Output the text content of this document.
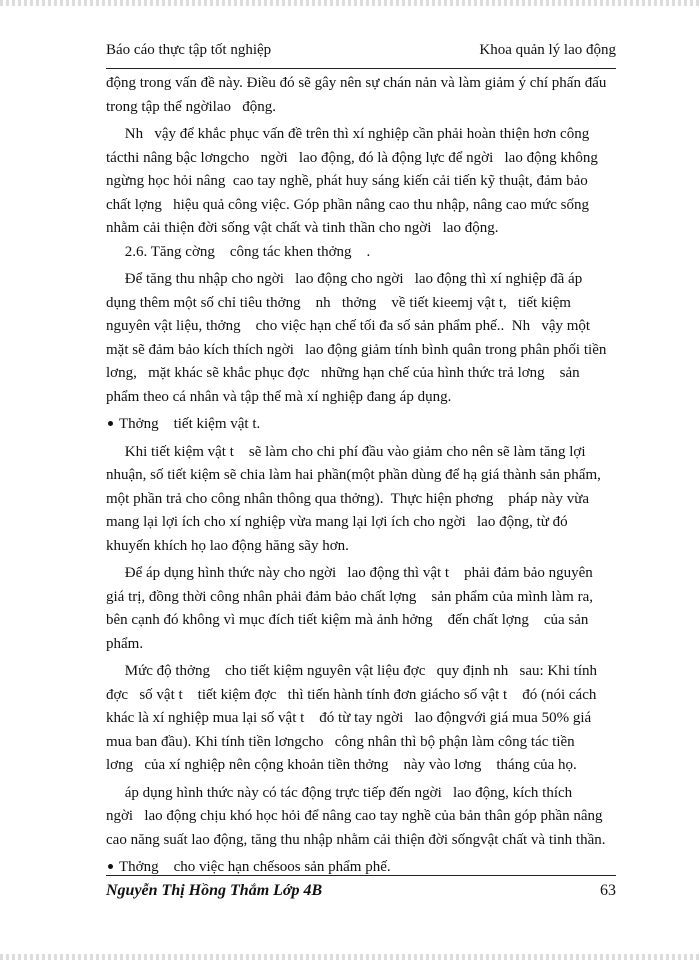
Báo cáo thực tập tốt nghiệp	Khoa quản lý lao động
động trong vấn đề này. Điều đó sẽ gây nên sự chán nản và làm giảm ý chí phấn đấu
trong tập thể ngờilao   động.
Nh   vậy để khắc phục vấn đề trên thì xí nghiệp cần phải hoàn thiện hơn công
tácthi nâng bậc lơngcho   ngời   lao động, đó là động lực để ngời   lao động không
ngừng học hỏi nâng  cao tay nghề, phát huy sáng kiến cải tiến kỹ thuật, đảm bảo
chất lợng   hiệu quả công việc. Góp phần nâng cao thu nhập, nâng cao mức sống
nhằm cải thiện đời sống vật chất và tinh thần cho ngời   lao động.
2.6. Tăng cờng    công tác khen thởng    .
Để tăng thu nhập cho ngời   lao động cho ngời   lao động thì xí nghiệp đã áp
dụng thêm một số chỉ tiêu thởng    nh   thởng    về tiết kieemj vật t,   tiết kiệm
nguyên vật liệu, thởng    cho việc hạn chế tối đa số sản phẩm phế..  Nh   vậy một
mặt sẽ đảm bảo kích thích ngời   lao động giảm tính bình quân trong phân phối tiền
lơng,   mặt khác sẽ khắc phục đợc   những hạn chế của hình thức trả lơng    sản
phẩm theo cá nhân và tập thể mà xí nghiệp đang áp dụng.
Thởng    tiết kiệm vật t.
Khi tiết kiệm vật t    sẽ làm cho chi phí đầu vào giảm cho nên sẽ làm tăng lợi
nhuận, số tiết kiệm sẽ chia làm hai phần(một phần dùng để hạ giá thành sản phẩm,
một phần trả cho công nhân thông qua thởng).  Thực hiện phơng    pháp này vừa
mang lại lợi ích cho xí nghiệp vừa mang lại lợi ích cho ngời   lao động, từ đó
khuyến khích họ lao động hăng sãy hơn.
Để áp dụng hình thức này cho ngời   lao động thì vật t    phải đảm bảo nguyên
giá trị, đồng thời công nhân phải đảm bảo chất lợng    sản phẩm của mình làm ra,
bên cạnh đó không vì mục đích tiết kiệm mà ảnh hởng    đến chất lợng    của sản
phẩm.
Mức độ thởng    cho tiết kiệm nguyên vật liệu đợc   quy định nh   sau: Khi tính
đợc   số vật t    tiết kiệm đợc   thì tiến hành tính đơn giácho số vật t    đó (nói cách
khác là xí nghiệp mua lại số vật t    đó từ tay ngời   lao độngvới giá mua 50% giá
mua ban đầu). Khi tính tiền lơngcho   công nhân thì bộ phận làm công tác tiền
lơng   của xí nghiệp nên cộng khoản tiền thởng    này vào lơng    tháng của họ.
áp dụng hình thức này có tác động trực tiếp đến ngời   lao động, kích thích
ngời   lao động chịu khó học hỏi để nâng cao tay nghề của bản thân góp phần nâng
cao năng suất lao động, tăng thu nhập nhằm cải thiện đời sốngvật chất và tinh thần.
Thởng    cho việc hạn chếsoos sản phẩm phế.
Nguyễn Thị Hồng Thắm Lớp 4B	63
